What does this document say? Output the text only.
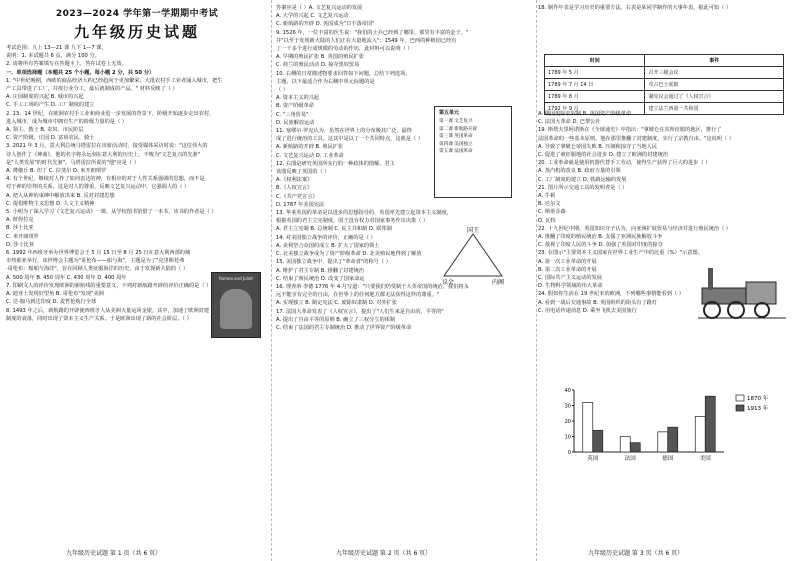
2023—2024 学年第一学期期中考试
九年级历史试题
考试范围：九上 13—21 课 九下 1—7 课。
说明：1. 本试题共 6 页，满分 100 分。
2. 请将所有答案填写在答题卡上，答在试卷上无效。
一、单项选择题（本题共 25 个小题，每小题 2 分，共 50 分）
1. "中世纪晚期，西欧的商品经济大约已经趋向于更加繁荣，大批农村手工业者涌入城市，把生
产工具带进了工厂，并按行业分工，最后就制成的产品。" 材料反映了（ ）
A. 庄园制度的兴起 B. 城市的兴起
C. 手工工场的产生 D. 工厂制度的建立
2. 13、14 世纪，在欧洲农村手工业和商业进一步发展的背景下，阶级开始逐步走出农村，
进入城市，成为城市中拥有生产的阶级力量的是（ ）
A. 领主、教士 B. 农奴、市民阶层
C. 资产阶级、庄园 D. 富裕农民、骑士
3. 2021 年 3 月，意大利总统马塔雷拉在出席活动时，接受媒体采访时说："这位伟大的
诗人创作了《神曲》，他的名字将永远刻在意大利的历史上，不愧为"文艺复兴的先驱"
是"人类发展"的时代先驱"。马塔雷拉所说的"他"应是（ ）
A. 薄伽丘 B. 但丁 C. 拉斐尔 D. 米开朗琪罗
4. 有个世纪，继续对人作了如何表达的神，有相应的对于人性关系强调的思想，而不是
对于神的崇拜的关系。这是对人的尊重，反映文艺复兴运动中，它强调人的（ ）
A. 把人从神的束缚中解放出来 B. 反对封建思想
C. 提倡唯物主义思想 D. 人文主义精神
5. 小明为了深入学习《文艺复兴运动》一课，从学校图书馆借了一本书，该书的作者是（ ）
A. 彼得拉克
B. 莎士比亚
C. 米开朗琪罗
D. 莎士比亚
6. 1992 年西班牙举办世界博览会于 5 月 15 日至 8 月 25 日在意大利西部的城
市热那亚举行，该世博会主题为"哥伦布——船与海"，主题是为了"克里斯托弗
·哥伦布：船舶与海洋"，旨在回顾人类征服海洋的历史，由于发现新大陆的（ ）
A. 500 周年 B. 450 周年 C. 430 周年 D. 400 周年
7. 印刷文人的评价发现欧洲的新航线的重要意义，下列对新航路开辟的评价正确的是（ ）
A. 迪亚士发现好望角 B. 哥伦布"发现"美洲
C. 达·伽马到达印度 D. 麦哲伦航行全球
8. 1493 年之后，新航路的开辟使西班牙人从美洲大量运回金银，其中，加速了欧洲封建
制度的衰落，同时出现了资本主义生产关系。于是欧洲出现了新的社会阶层。（ ）
Romeo and Juliet
九年级历史试题 第 1 页（共 6 页）
答案应是（ ）A. 文艺复兴运动的发展
A. 大学的兴起 C. 文艺复兴运动
C. 新航路的开辟 D. 英国成为"日不落帝国"
9. 1526 年，一位丰富的医生说："我们的士兵已经到了哪里，那里有丰富的金子。"
并"以至于发现新大陆的人们正在大量地流入"；1549 年，巴西的种植园已经有
了一千多个进行成规模的劳动的作坊，此材料可以说明（ ）
A. 早期的殖民扩张 B. 英国的殖民扩张
C. 荷兰的殖民活动 D. 掠夺黑奴贸易
10. 右侧的日常描述物要求回答如下问题，总结下列选项，
主题，以下最适合作为右侧中单元标题的是
（ ）
A. 资本主义的兴起
B. 资产阶级革命
C. "三角贸易"
D. 民族解放运动
11. 塞缪尔·罗克认为，虽然在世界上的分布极其广泛，最终
成了进行统治的工具。这其中是以了一个共同特点，这就是（ ）
A. 新航路的开辟 B. 殖民扩张
C. 文艺复兴运动 D. 工业革命
12. 右图是研究英国所实行的一种政体的图解。君主
该图反映了英国的（ ）
A.《权利法案》
B.《人权宣言》
C.《共产党宣言》
D. 1787 年美国宪法
13. 华莱英国的革命是以进步的思想指导的，英国率先建立起资本主义制度，
根据英国的君主立宪制度，国王没有权力对国家事务作出决策（ ）
A. 君主立宪制 B. 总统制 C. 民主共和制 D. 联邦制
14. 对美国独立战争的评价，正确的是（ ）
A. 美利坚合众国的成立 B. 扩大了国家的领土
C. 北美独立战争成为了资产阶级革命 D. 北美殖民地得到了解放
15. 美国独立战争中，提出了"革命者"的称号（ ）
A. 维护了君主专制 B. 推翻了封建统治
C. 结束了殖民统治 D. 改变了国家命运
16. 理查蒂·李德 1776 年 4 月写道："只要我们仍受制于大英帝国的统治，我们将永
远不能享有完全的自由，在世界上的任何地方都无法获得这样的尊重。"
A. 实现独立 B. 制定宪法 C. 废除奴隶制 D. 对外扩张
17. 法国大革命发表了《人权宣言》，提出了"人们生来是自由的、平等的"
A. 提出了自由平等的原则 B. 确立了三权分立的体制
C. 结束了法国的君主专制统治 D. 推动了世界资产阶级革命
第五单元
第一课 文艺复兴
第二课 新航路开辟
第三课 英国革命
第四课 美国独立
第五课 法国革命
国王
议会	内阁
九年级历史试题 第 2 页（共 6 页）
18. 制作年表是学习历史的重要方法。右表是某同学制作的大事年表，据此可知（ ）
时间	事件
1789 年 5 月	召开三级会议
1789 年 7 月 14 日	攻占巴士底狱
1789 年 8 月	制宪议会通过了《人权宣言》
1792 年 9 月	建立法兰西第一共和国
A. 俄国废除农奴制 B. 英国资产阶级革命
C. 法国大革命 D. 巴黎公社
19. 斯塔夫里阿诺斯在《全球通史》中指出："拿破仑在其所征服的地区，推行了
法国革命的一些基本原则。他在那里推翻了封建制度，实行了宗教自由。"这说明（ ）
A. 导致了拿破仑帝国失败 B. 压制和掠夺了当地人民
C. 促进了被征服地的社会进步 D. 建立了欧洲的封建统治
20. 工业革命就是使用机器代替手工劳动，使得生产获得了巨大的进步（ ）
A. 蒸汽机的改良 B. 政府力量的引领
C. 工厂制度的建立 D. 铁路运输的发展
21. 图片所示交通工具的发明者是（ ）
A. 牛顿
B. 达尔文
C. 斯蒂芬森
D. 瓦特
22. 十九世纪中期，英国知识分子认为，向亚洲扩展贸易与经济并进行殖民统治（ ）
A. 推翻了印度的殖民统治 B. 支援了亚洲民族解放斗争
C. 敌视了印度人民的斗争 D. 加强了英国对印度的掠夺
23. 在图示"主要资本主义国家在世界工业生产中的比重（%）"示意图。
A. 第一次工业革命的开展
B. 第二次工业革命的开展
C. 国际共产主义运动的发展
D. 生物科学领域的伟大革命
24. 假如你生活在 19 世纪末的欧洲，下列哪些事情能看到（ ）
A. 看到一战后交通事故 B. 英国组织的街头有了路灯
C. 用电话传递消息 D. 乘坐飞机去美国旅行
0
10
20
30
40
英国	法国	德国	美国
1870 年
1913 年
九年级历史试题 第 3 页（共 6 页）
